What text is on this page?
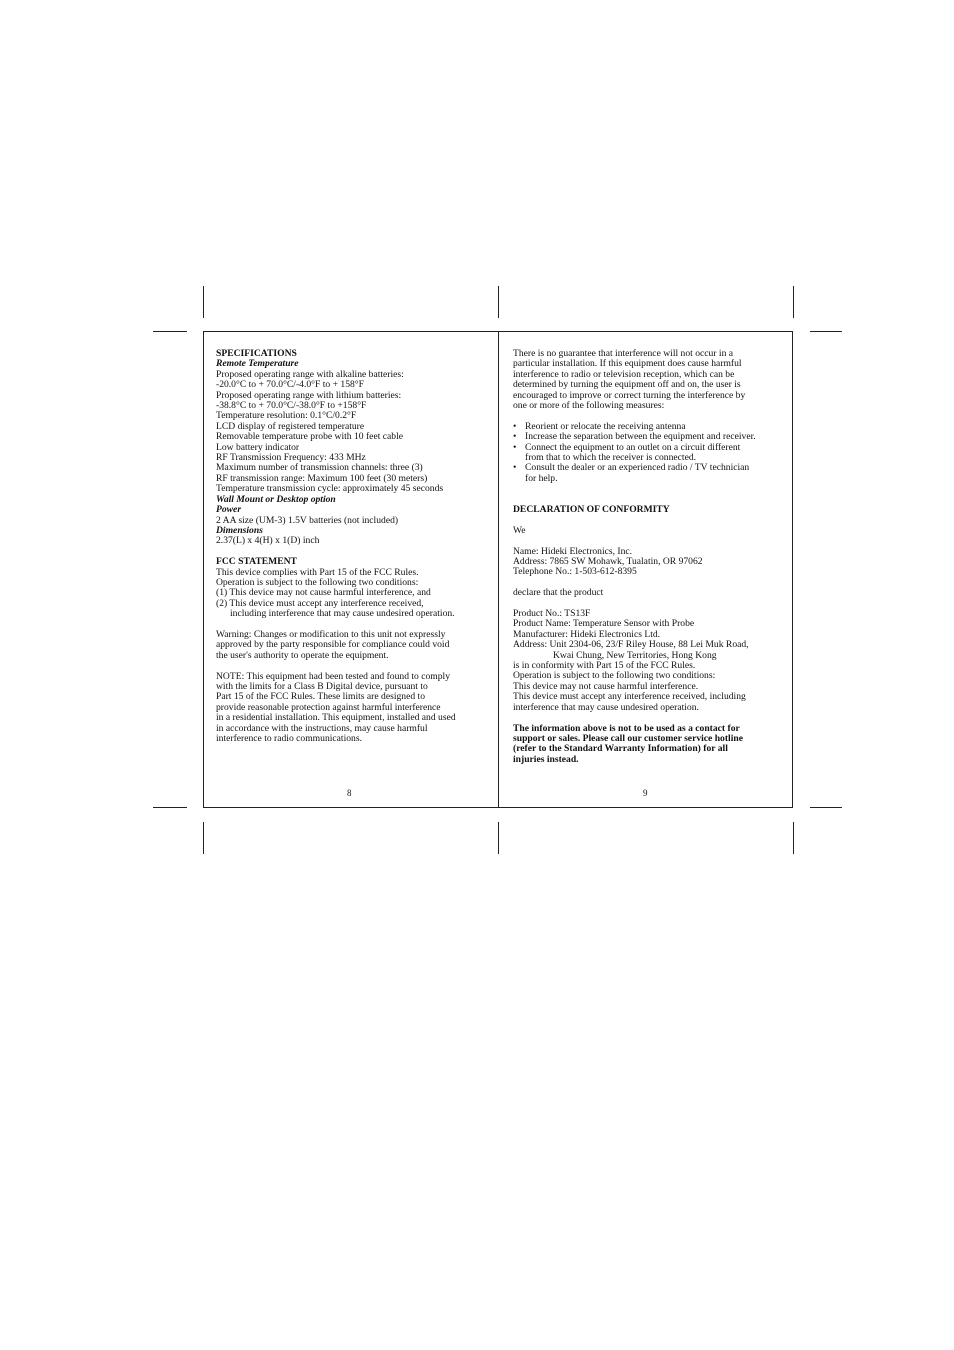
SPECIFICATIONS
Remote Temperature
Proposed operating range with alkaline batteries:
-20.0°C to + 70.0°C/-4.0°F to + 158°F
Proposed operating range with lithium batteries:
-38.8°C to + 70.0°C/-38.0°F to +158°F
Temperature resolution: 0.1°C/0.2°F
LCD display of registered temperature
Removable temperature probe with 10 feet cable
Low battery indicator
RF Transmission Frequency: 433 MHz
Maximum number of transmission channels: three (3)
RF transmission range: Maximum 100 feet (30 meters)
Temperature transmission cycle: approximately 45 seconds
Wall Mount or Desktop option
Power
2 AA size (UM-3) 1.5V batteries (not included)
Dimensions
2.37(L) x 4(H) x 1(D) inch
FCC STATEMENT
This device complies with Part 15 of the FCC Rules.
Operation is subject to the following two conditions:
(1) This device may not cause harmful interference, and
(2) This device must accept any interference received,
including interference that may cause undesired operation.
Warning: Changes or modification to this unit not expressly
approved by the party responsible for compliance could void
the user's authority to operate the equipment.
NOTE: This equipment had been tested and found to comply
with the limits for a Class B Digital device, pursuant to
Part 15 of the FCC Rules. These limits are designed to
provide reasonable protection against harmful interference
in a residential installation. This equipment, installed and used
in accordance with the instructions, may cause harmful
interference to radio communications.
8
There is no guarantee that interference will not occur in a
particular installation. If this equipment does cause harmful
interference to radio or television reception, which can be
determined by turning the equipment off and on, the user is
encouraged to improve or correct turning the interference by
one or more of the following measures:
• Reorient or relocate the receiving antenna
• Increase the separation between the equipment and receiver.
• Connect the equipment to an outlet on a circuit different
from that to which the receiver is connected.
• Consult the dealer or an experienced radio / TV technician
for help.
DECLARATION OF CONFORMITY
We
Name: Hideki Electronics, Inc.
Address: 7865 SW Mohawk, Tualatin, OR 97062
Telephone No.: 1-503-612-8395
declare that the product
Product No.: TS13F
Product Name: Temperature Sensor with Probe
Manufacturer: Hideki Electronics Ltd.
Address: Unit 2304-06, 23/F Riley House, 88 Lei Muk Road,
Kwai Chung, New Territories, Hong Kong
is in conformity with Part 15 of the FCC Rules.
Operation is subject to the following two conditions:
This device may not cause harmful interference.
This device must accept any interference received, including
interference that may cause undesired operation.
The information above is not to be used as a contact for
support or sales. Please call our customer service hotline
(refer to the Standard Warranty Information) for all
injuries instead.
9
